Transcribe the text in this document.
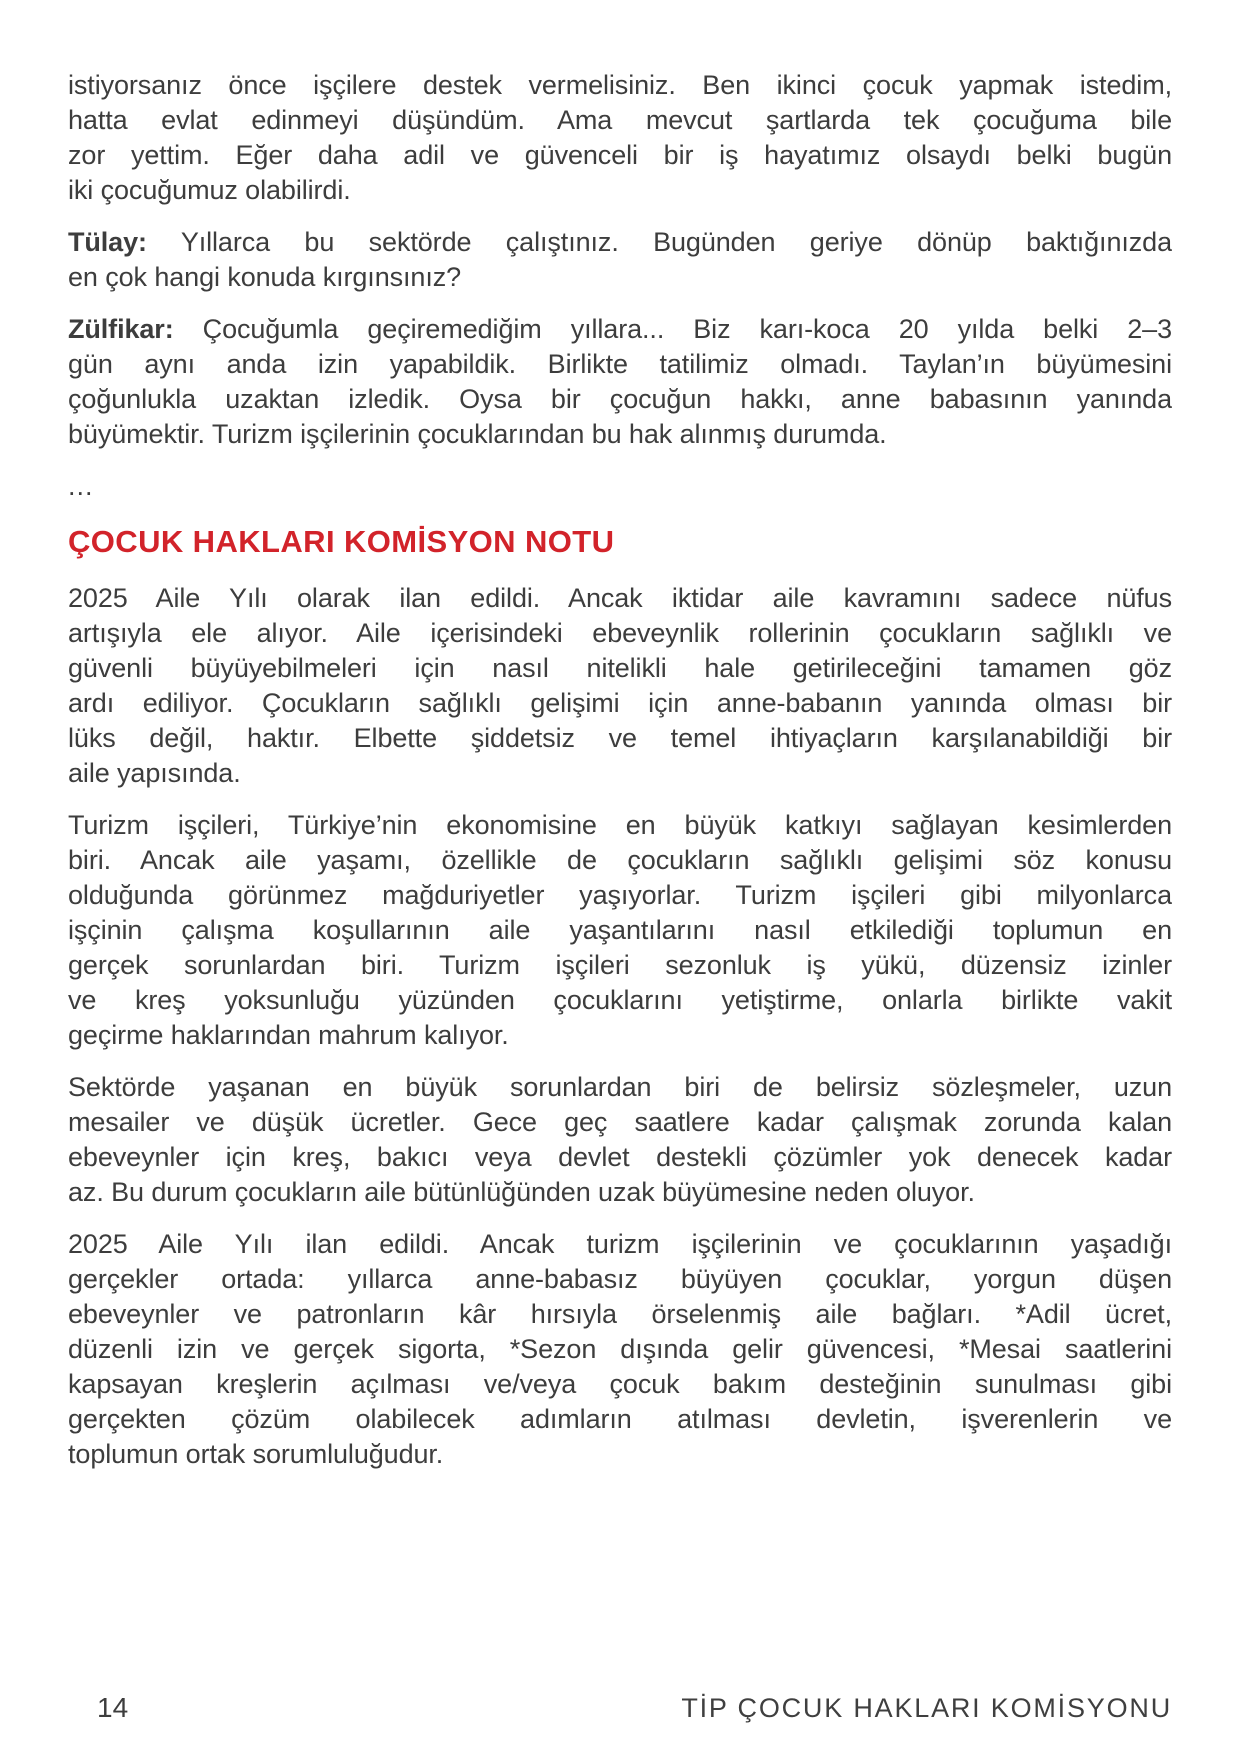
istiyorsanız önce işçilere destek vermelisiniz. Ben ikinci çocuk yapmak istedim,
hatta evlat edinmeyi düşündüm. Ama mevcut şartlarda tek çocuğuma bile
zor yettim. Eğer daha adil ve güvenceli bir iş hayatımız olsaydı belki bugün
iki çocuğumuz olabilirdi.

Tülay: Yıllarca bu sektörde çalıştınız. Bugünden geriye dönüp baktığınızda
en çok hangi konuda kırgınsınız?

Zülfikar: Çocuğumla geçiremediğim yıllara... Biz karı-koca 20 yılda belki 2–3
gün aynı anda izin yapabildik. Birlikte tatilimiz olmadı. Taylan’ın büyümesini
çoğunlukla uzaktan izledik. Oysa bir çocuğun hakkı, anne babasının yanında
büyümektir. Turizm işçilerinin çocuklarından bu hak alınmış durumda.

...

ÇOCUK HAKLARI KOMİSYON NOTU

2025 Aile Yılı olarak ilan edildi. Ancak iktidar aile kavramını sadece nüfus
artışıyla ele alıyor. Aile içerisindeki ebeveynlik rollerinin çocukların sağlıklı ve
güvenli büyüyebilmeleri için nasıl nitelikli hale getirileceğini tamamen göz
ardı ediliyor. Çocukların sağlıklı gelişimi için anne-babanın yanında olması bir
lüks değil, haktır. Elbette şiddetsiz ve temel ihtiyaçların karşılanabildiği bir
aile yapısında.

Turizm işçileri, Türkiye’nin ekonomisine en büyük katkıyı sağlayan kesimlerden
biri. Ancak aile yaşamı, özellikle de çocukların sağlıklı gelişimi söz konusu
olduğunda görünmez mağduriyetler yaşıyorlar. Turizm işçileri gibi milyonlarca
işçinin çalışma koşullarının aile yaşantılarını nasıl etkilediği toplumun en
gerçek sorunlardan biri. Turizm işçileri sezonluk iş yükü, düzensiz izinler
ve kreş yoksunluğu yüzünden çocuklarını yetiştirme, onlarla birlikte vakit
geçirme haklarından mahrum kalıyor.

Sektörde yaşanan en büyük sorunlardan biri de belirsiz sözleşmeler, uzun
mesailer ve düşük ücretler. Gece geç saatlere kadar çalışmak zorunda kalan
ebeveynler için kreş, bakıcı veya devlet destekli çözümler yok denecek kadar
az. Bu durum çocukların aile bütünlüğünden uzak büyümesine neden oluyor.

2025 Aile Yılı ilan edildi. Ancak turizm işçilerinin ve çocuklarının yaşadığı
gerçekler ortada: yıllarca anne-babasız büyüyen çocuklar, yorgun düşen
ebeveynler ve patronların kâr hırsıyla örselenmiş aile bağları. *Adil ücret,
düzenli izin ve gerçek sigorta, *Sezon dışında gelir güvencesi, *Mesai saatlerini
kapsayan kreşlerin açılması ve/veya çocuk bakım desteğinin sunulması gibi
gerçekten çözüm olabilecek adımların atılması devletin, işverenlerin ve
toplumun ortak sorumluluğudur.

14	TİP ÇOCUK HAKLARI KOMİSYONU
